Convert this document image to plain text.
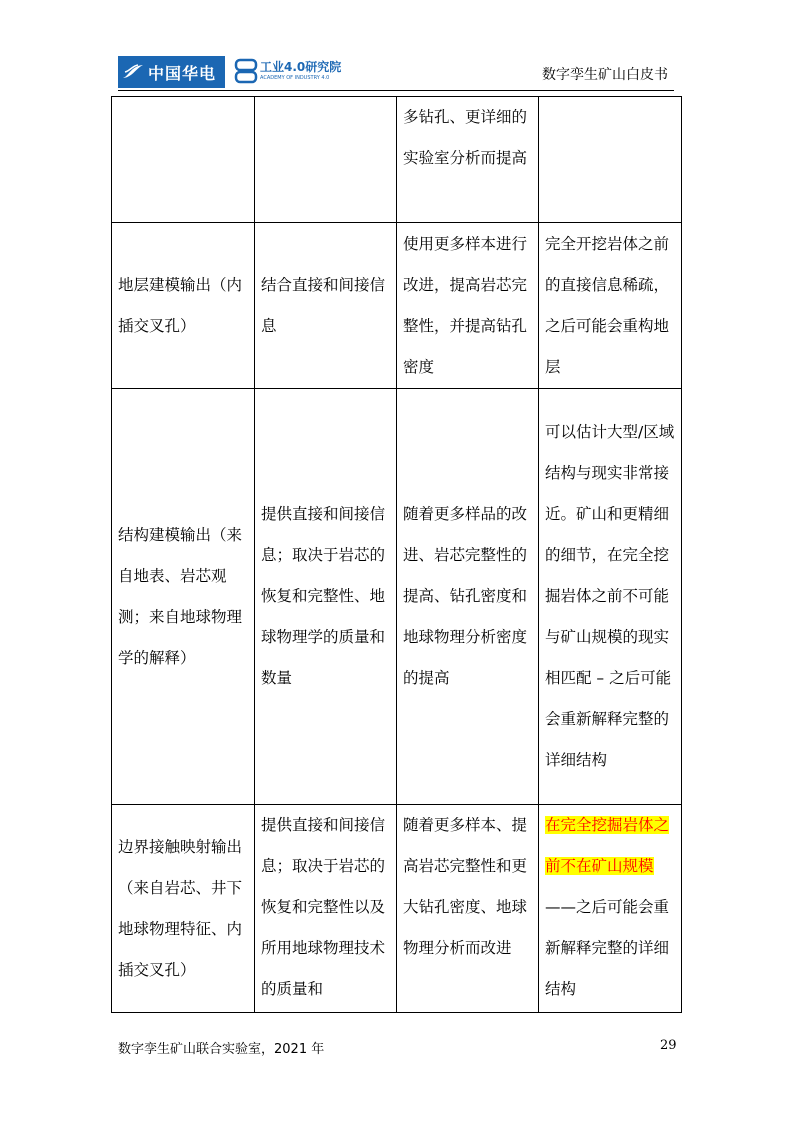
中国华电	工业4.0研究院
ACADEMY OF INDUSTRY 4.0	数字孪生矿山白皮书
		多钻孔、更详细的实验室分析而提高	
地层建模输出（内插交叉孔）	结合直接和间接信息	使用更多样本进行改进，提高岩芯完整性，并提高钻孔密度	完全开挖岩体之前的直接信息稀疏，之后可能会重构地层
结构建模输出（来自地表、岩芯观测；来自地球物理学的解释）	提供直接和间接信息；取决于岩芯的恢复和完整性、地球物理学的质量和数量	随着更多样品的改进、岩芯完整性的提高、钻孔密度和地球物理分析密度的提高	可以估计大型/区域结构与现实非常接近。矿山和更精细的细节，在完全挖掘岩体之前不可能与矿山规模的现实相匹配 – 之后可能会重新解释完整的详细结构
边界接触映射输出（来自岩芯、井下地球物理特征、内插交叉孔）	提供直接和间接信息；取决于岩芯的恢复和完整性以及所用地球物理技术的质量和	随着更多样本、提高岩芯完整性和更大钻孔密度、地球物理分析而改进	在完全挖掘岩体之前不在矿山规模——之后可能会重新解释完整的详细结构
数字孪生矿山联合实验室，2021 年	29
